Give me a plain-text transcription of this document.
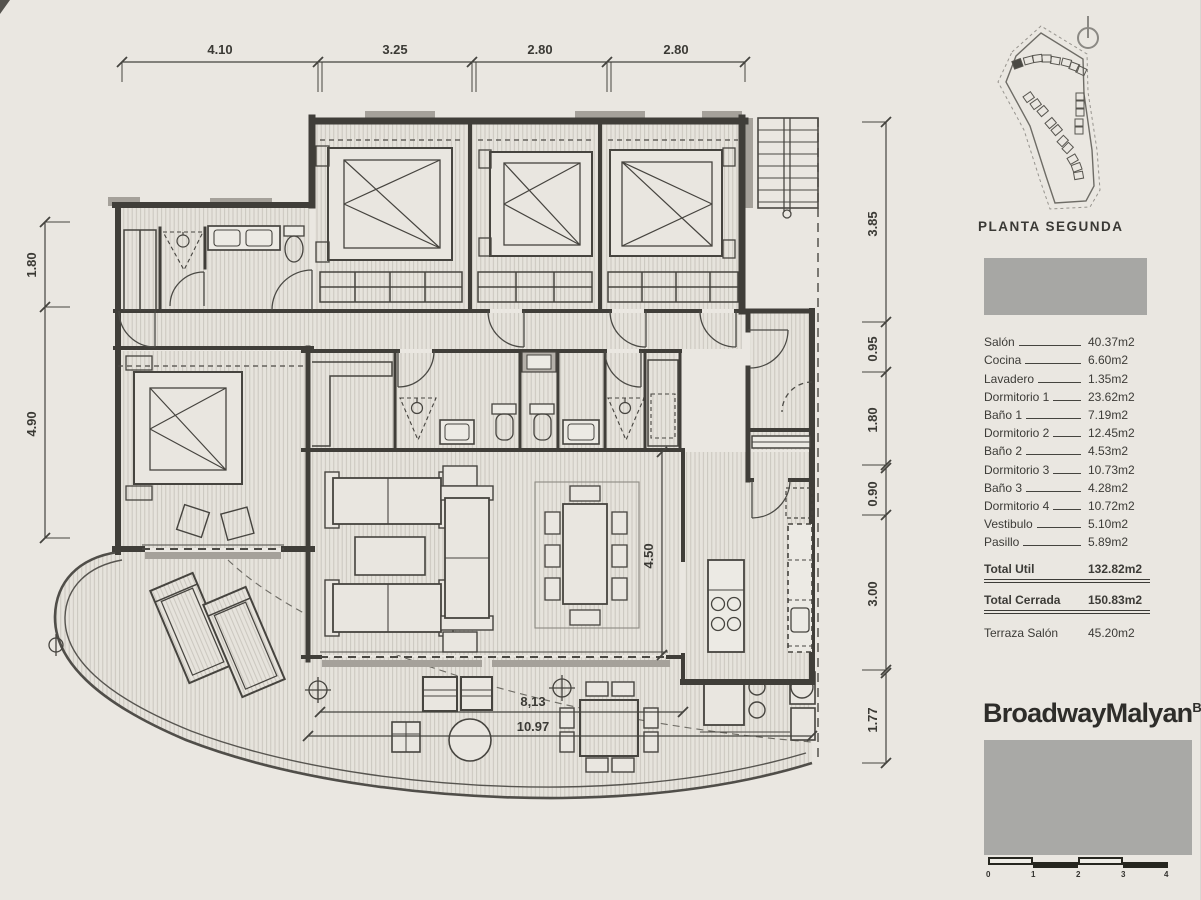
4.10	3.25	2.80	2.80
1.80
4.90
3.85
0.95
1.80
0.90
3.00
1.77
4.50
8,13
10.97
PLANTA SEGUNDA
Salón	40.37m2
Cocina	6.60m2
Lavadero	1.35m2
Dormitorio 1	23.62m2
Baño 1	7.19m2
Dormitorio 2	12.45m2
Baño 2	4.53m2
Dormitorio 3	10.73m2
Baño 3	4.28m2
Dormitorio 4	10.72m2
Vestibulo	5.10m2
Pasillo	5.89m2
Total Util	132.82m2
Total Cerrada	150.83m2
Terraza Salón	45.20m2
BroadwayMalyan$^B$
0	1	2	3	4
